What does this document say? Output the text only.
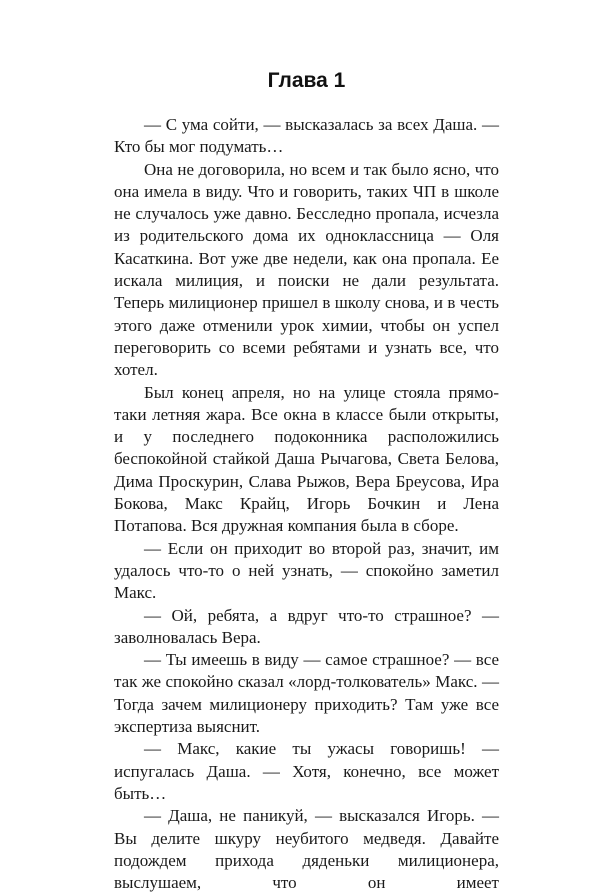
Глава 1

— С ума сойти, — высказалась за всех Даша. — Кто бы мог подумать…

Она не договорила, но всем и так было ясно, что она имела в виду. Что и говорить, таких ЧП в школе не случалось уже давно. Бесследно пропала, исчезла из родительского дома их одноклассница — Оля Касаткина. Вот уже две недели, как она пропала. Ее искала милиция, и поиски не дали результата. Теперь милиционер пришел в школу снова, и в честь этого даже отменили урок химии, чтобы он успел переговорить со всеми ребятами и узнать все, что хотел.

Был конец апреля, но на улице стояла прямо-таки летняя жара. Все окна в классе были открыты, и у последнего подоконника расположились беспокойной стайкой Даша Рычагова, Света Белова, Дима Проскурин, Слава Рыжов, Вера Бреусова, Ира Бокова, Макс Крайц, Игорь Бочкин и Лена Потапова. Вся дружная компания была в сборе.

— Если он приходит во второй раз, значит, им удалось что-то о ней узнать, — спокойно заметил Макс.

— Ой, ребята, а вдруг что-то страшное? — заволновалась Вера.

— Ты имеешь в виду — самое страшное? — все так же спокойно сказал «лорд-толкователь» Макс. — Тогда зачем милиционеру приходить? Там уже все экспертиза выяснит.

— Макс, какие ты ужасы говоришь! — испугалась Даша. — Хотя, конечно, все может быть…

— Даша, не паникуй, — высказался Игорь. — Вы делите шкуру неубитого медведя. Давайте подождем прихода дяденьки милиционера, выслушаем, что он имеет
